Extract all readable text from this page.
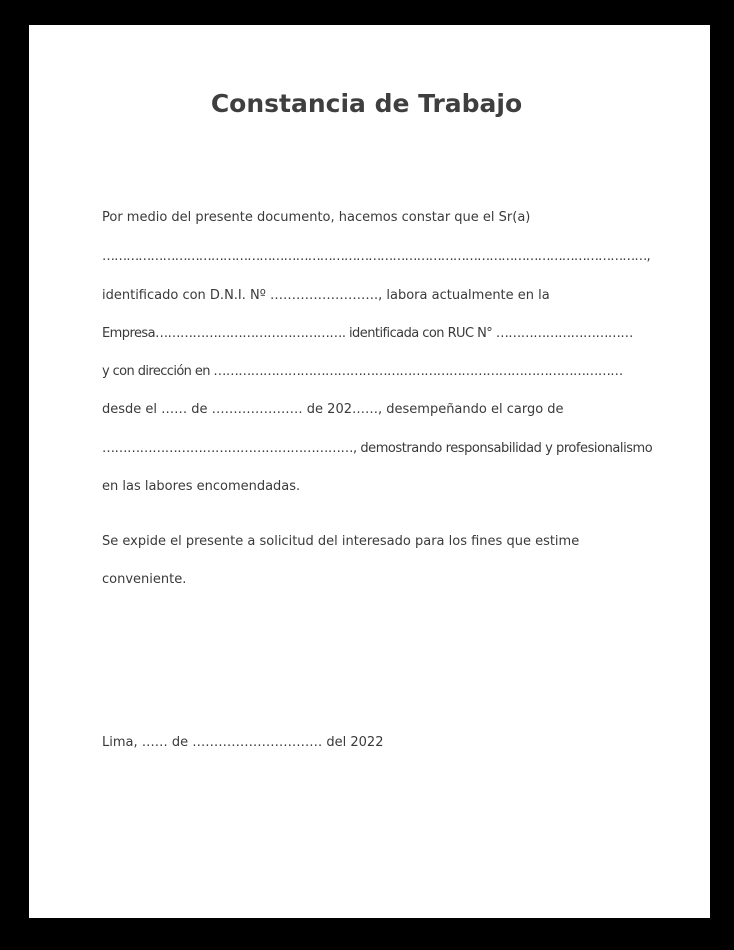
Constancia de Trabajo
Por medio del presente documento, hacemos constar que el Sr(a)
………………………………………………………………………………………………………………………,
identificado con D.N.I. Nº ……………………., labora actualmente en la
Empresa………………………………………. identificada con RUC N° ……………………………
y con dirección en ………………………………………………………………………………………
desde el …… de ………………… de 202……, desempeñando el cargo de
……………………………………………………, demostrando responsabilidad y profesionalismo
en las labores encomendadas.
Se expide el presente a solicitud del interesado para los fines que estime
conveniente.
Lima, …… de ………………………… del 2022
